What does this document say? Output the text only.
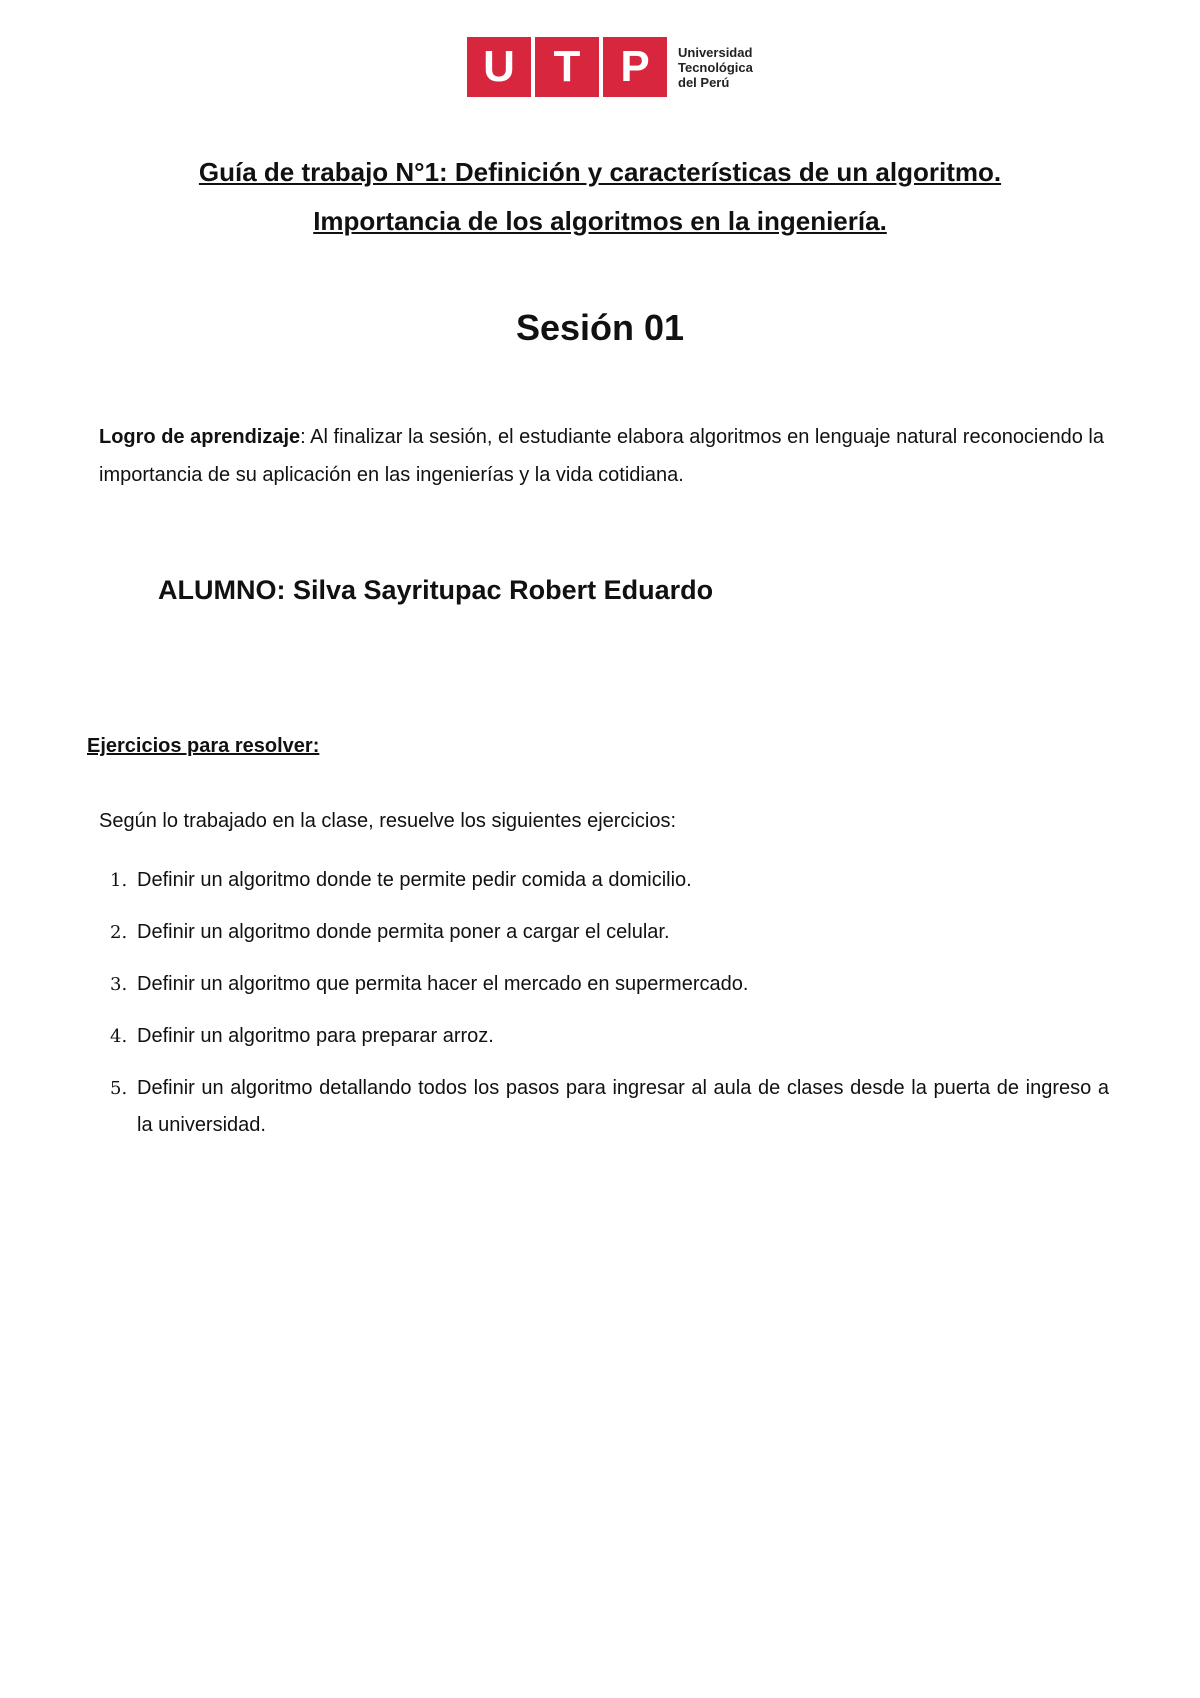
U T P	Universidad
Tecnológica
del Perú
Guía de trabajo N°1: Definición y características de un algoritmo.
Importancia de los algoritmos en la ingeniería.
Sesión 01
Logro de aprendizaje: Al finalizar la sesión, el estudiante elabora algoritmos en lenguaje natural reconociendo la importancia de su aplicación en las ingenierías y la vida cotidiana.
ALUMNO: Silva Sayritupac Robert Eduardo
Ejercicios para resolver:
Según lo trabajado en la clase, resuelve los siguientes ejercicios:
1. Definir un algoritmo donde te permite pedir comida a domicilio.
2. Definir un algoritmo donde permita poner a cargar el celular.
3. Definir un algoritmo que permita hacer el mercado en supermercado.
4. Definir un algoritmo para preparar arroz.
5. Definir un algoritmo detallando todos los pasos para ingresar al aula de clases desde la puerta de ingreso a la universidad.
